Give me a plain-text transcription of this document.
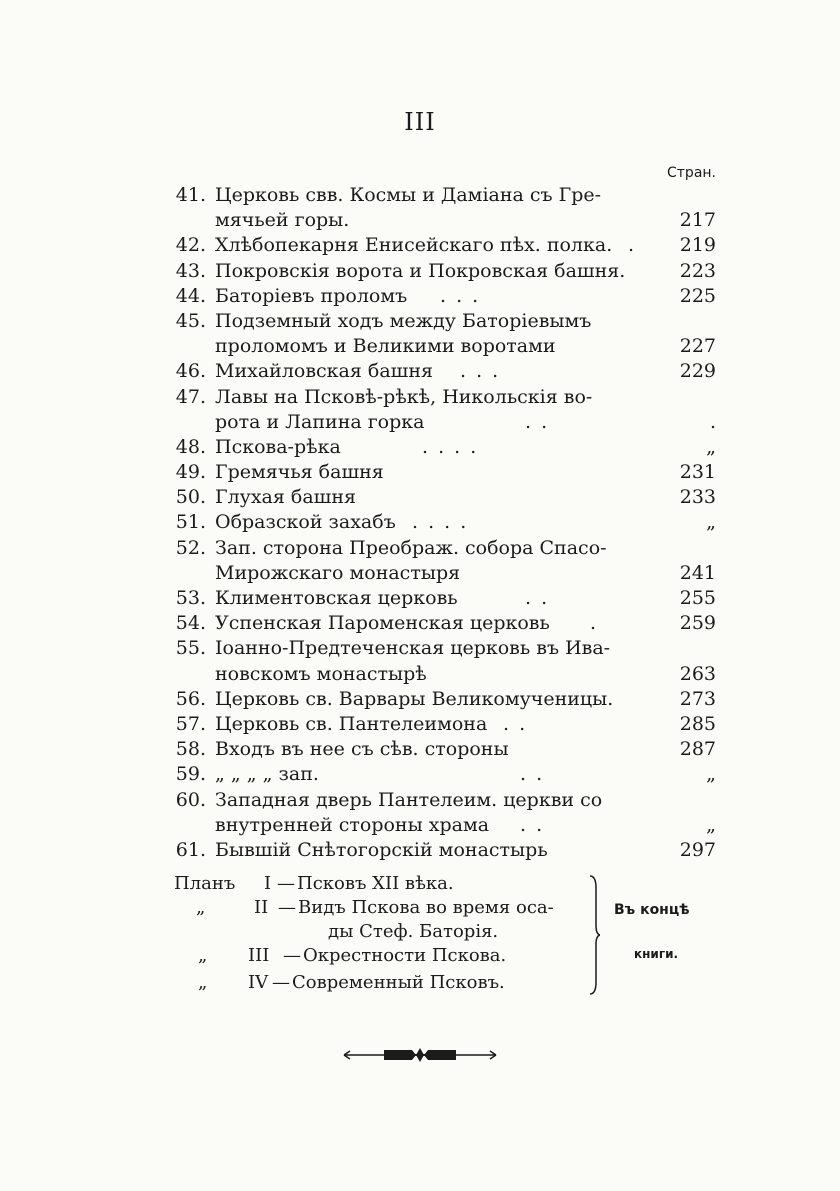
III
Стран.
41. Церковь свв. Космы и Даміана съ Гре-
мячьей горы.	217
42. Хлѣбопекарня Енисейскаго пѣх. полка.	219
.
43. Покровскія ворота и Покровская башня.	223
44. Баторіевъ проломъ	225
. . .
45. Подземный ходъ между Баторіевымъ
проломомъ и Великими воротами	227
46. Михайловская башня	229
. . .
47. Лавы на Псковѣ-рѣкѣ, Никольскія во-
рота и Лапина горка	.
. .
48. Пскова-рѣка	„
. . . .
49. Гремячья башня	231
50. Глухая башня	233
51. Образской захабъ	„
. . . .
52. Зап. сторона Преображ. собора Спасо-
Мирожскаго монастыря	241
53. Климентовская церковь	255
. .
54. Успенская Пароменская церковь	259
.
55. Іоанно-Предтеченская церковь въ Ива-
новскомъ монастырѣ	263
56. Церковь св. Варвары Великомученицы.	273
57. Церковь св. Пантелеимона	285
. .
58. Входъ въ нее съ сѣв. стороны	287
59. „ „ „ „ зап.	„
. .
60. Западная дверь Пантелеим. церкви со
внутренней стороны храма	„
. .
61. Бывшій Снѣтогорскій монастырь	297
Планъ I — Псковъ XII вѣка.
„	II — Видъ Пскова во время оса-
ды Стеф. Баторія.
„ III — Окрестности Пскова.
„ IV — Современный Псковъ.
Въ концѣ
книги.
